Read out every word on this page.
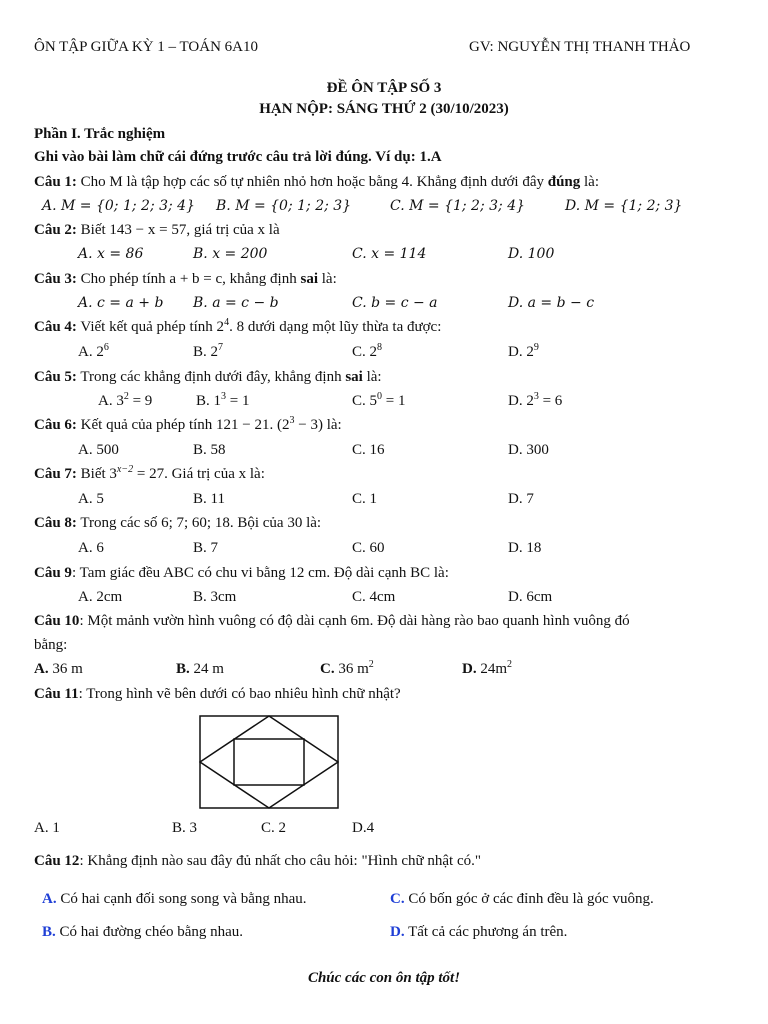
ÔN TẬP GIỮA KỲ 1 – TOÁN 6A10	GV: NGUYỄN THỊ THANH THẢO
ĐỀ ÔN TẬP SỐ 3
HẠN NỘP: SÁNG THỨ 2 (30/10/2023)
Phần I. Trắc nghiệm
Ghi vào bài làm chữ cái đứng trước câu trả lời đúng. Ví dụ: 1.A
Câu 1: Cho M là tập hợp các số tự nhiên nhỏ hơn hoặc bằng 4. Khẳng định dưới đây đúng là:
A. M = {0; 1; 2; 3; 4} B. M = {0; 1; 2; 3}	C. M = {1; 2; 3; 4}	D. M = {1; 2; 3}
Câu 2: Biết 143 − x = 57, giá trị của x là
A. x = 86	B. x = 200	C. x = 114	D. 100
Câu 3: Cho phép tính a + b = c, khẳng định sai là:
A. c = a + b B. a = c − b	C. b = c − a	D. a = b − c
Câu 4: Viết kết quả phép tính $2^4$. 8 dưới dạng một lũy thừa ta được:
A. $2^6$	B. $2^7$	C. $2^8$	D. $2^9$
Câu 5: Trong các khẳng định dưới đây, khẳng định sai là:
A. $3^2 = 9$	B. $1^3 = 1$	C. $5^0 = 1$	D. $2^3 = 6$
Câu 6: Kết quả của phép tính 121 − 21. $(2^3 - 3)$ là:
A. 500	B. 58	C. 16	D. 300
Câu 7: Biết $3^{x-2} = 27$. Giá trị của x là:
A. 5	B. 11	C. 1	D. 7
Câu 8: Trong các số 6; 7; 60; 18. Bội của 30 là:
A. 6	B. 7	C. 60	D. 18
Câu 9: Tam giác đều ABC có chu vi bằng 12 cm. Độ dài cạnh BC là:
A. 2cm	B. 3cm	C. 4cm	D. 6cm
Câu 10: Một mảnh vườn hình vuông có độ dài cạnh 6m. Độ dài hàng rào bao quanh hình vuông đó
bằng:
A. 36 m	B. 24 m	C. 36 $m^2$	D. $24m^2$
Câu 11: Trong hình vẽ bên dưới có bao nhiêu hình chữ nhật?
A. 1	B. 3	C. 2	D.4
Câu 12: Khẳng định nào sau đây đủ nhất cho câu hỏi: "Hình chữ nhật có."
A. Có hai cạnh đối song song và bằng nhau.	C. Có bốn góc ở các đỉnh đều là góc vuông.
B. Có hai đường chéo bằng nhau.	D. Tất cả các phương án trên.
Chúc các con ôn tập tốt!
